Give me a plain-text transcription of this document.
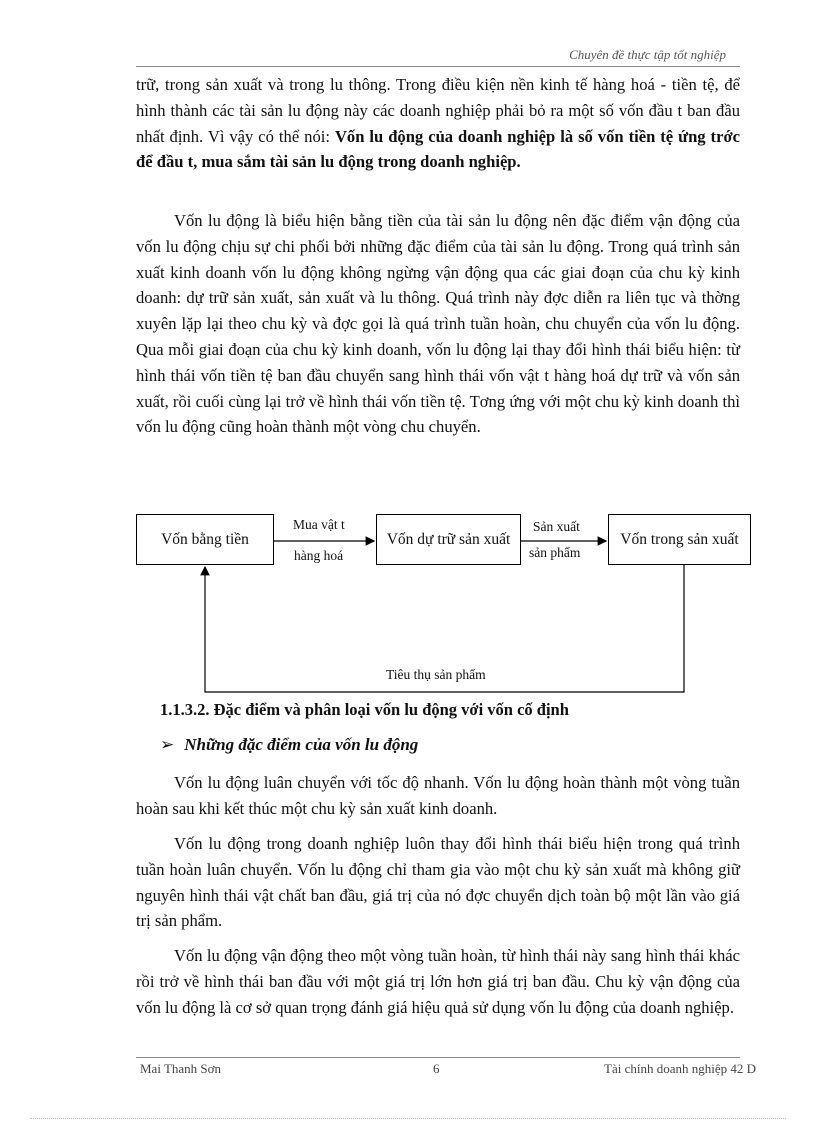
Chuyên đề thực tập tốt nghiệp

trữ, trong sản xuất và trong lu thông. Trong điều kiện nền kinh tế hàng hoá - tiền tệ, để hình thành các tài sản lu động này các doanh nghiệp phải bỏ ra một số vốn đầu t ban đầu nhất định. Vì vậy có thể nói: Vốn lu động của doanh nghiệp là số vốn tiền tệ ứng trớc để đầu t, mua sắm tài sản lu động trong doanh nghiệp.

Vốn lu động là biểu hiện bằng tiền của tài sản lu động nên đặc điểm vận động của vốn lu động chịu sự chi phối bởi những đặc điểm của tài sản lu động. Trong quá trình sản xuất kinh doanh vốn lu động không ngừng vận động qua các giai đoạn của chu kỳ kinh doanh: dự trữ sản xuất, sản xuất và lu thông. Quá trình này đợc diễn ra liên tục và thờng xuyên lặp lại theo chu kỳ và đợc gọi là quá trình tuần hoàn, chu chuyển của vốn lu động. Qua mỗi giai đoạn của chu kỳ kinh doanh, vốn lu động lại thay đổi hình thái biểu hiện: từ hình thái vốn tiền tệ ban đầu chuyển sang hình thái vốn vật t hàng hoá dự trữ và vốn sản xuất, rồi cuối cùng lại trở về hình thái vốn tiền tệ. Tơng ứng với một chu kỳ kinh doanh thì vốn lu động cũng hoàn thành một vòng chu chuyển.

Vốn bằng tiền	Vốn dự trữ sản xuất	Vốn trong sản xuất
Mua vật t
hàng hoá
Sản xuất
sản phẩm
Tiêu thụ sản phẩm

1.1.3.2. Đặc điểm và phân loại vốn lu động với vốn cố định

➢ Những đặc điểm của vốn lu động

Vốn lu động luân chuyển với tốc độ nhanh. Vốn lu động hoàn thành một vòng tuần hoàn sau khi kết thúc một chu kỳ sản xuất kinh doanh.

Vốn lu động trong doanh nghiệp luôn thay đổi hình thái biểu hiện trong quá trình tuần hoàn luân chuyển. Vốn lu động chỉ tham gia vào một chu kỳ sản xuất mà không giữ nguyên hình thái vật chất ban đầu, giá trị của nó đợc chuyển dịch toàn bộ một lần vào giá trị sản phẩm.

Vốn lu động vận động theo một vòng tuần hoàn, từ hình thái này sang hình thái khác rồi trở về hình thái ban đầu với một giá trị lớn hơn giá trị ban đầu. Chu kỳ vận động của vốn lu động là cơ sở quan trọng đánh giá hiệu quả sử dụng vốn lu động của doanh nghiệp.

Mai Thanh Sơn	6	Tài chính doanh nghiệp 42 D
